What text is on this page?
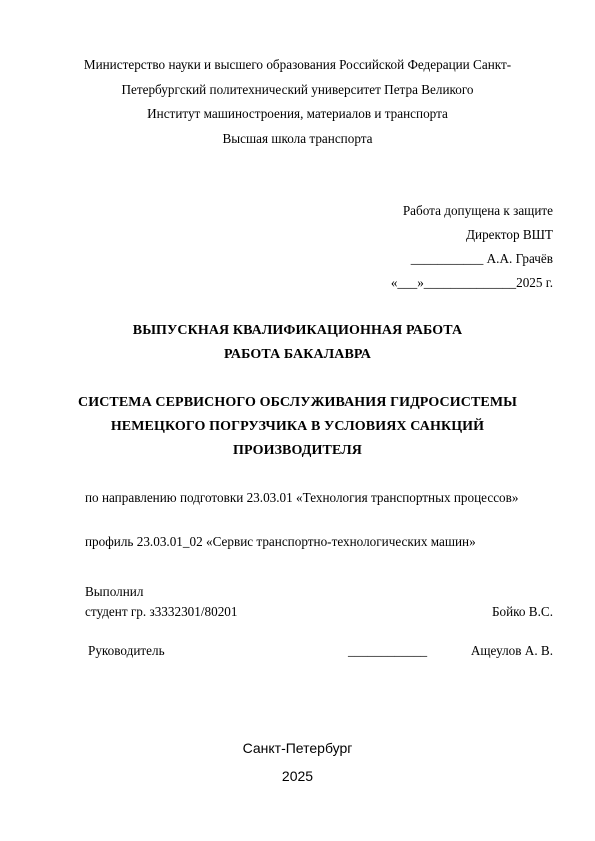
Министерство науки и высшего образования Российской Федерации Санкт-
Петербургский политехнический университет Петра Великого
Институт машиностроения, материалов и транспорта
Высшая школа транспорта
Работа допущена к защите
Директор ВШТ
___________ А.А. Грачёв
«___»______________2025 г.
ВЫПУСКНАЯ КВАЛИФИКАЦИОННАЯ РАБОТА
РАБОТА БАКАЛАВРА
СИСТЕМА СЕРВИСНОГО ОБСЛУЖИВАНИЯ ГИДРОСИСТЕМЫ
НЕМЕЦКОГО ПОГРУЗЧИКА В УСЛОВИЯХ САНКЦИЙ
ПРОИЗВОДИТЕЛЯ
по направлению подготовки 23.03.01 «Технология транспортных процессов»
профиль 23.03.01_02 «Сервис транспортно-технологических машин»
Выполнил
студент гр. з3332301/80201	Бойко В.С.
Руководитель	____________	Ащеулов А. В.
Санкт-Петербург
2025
